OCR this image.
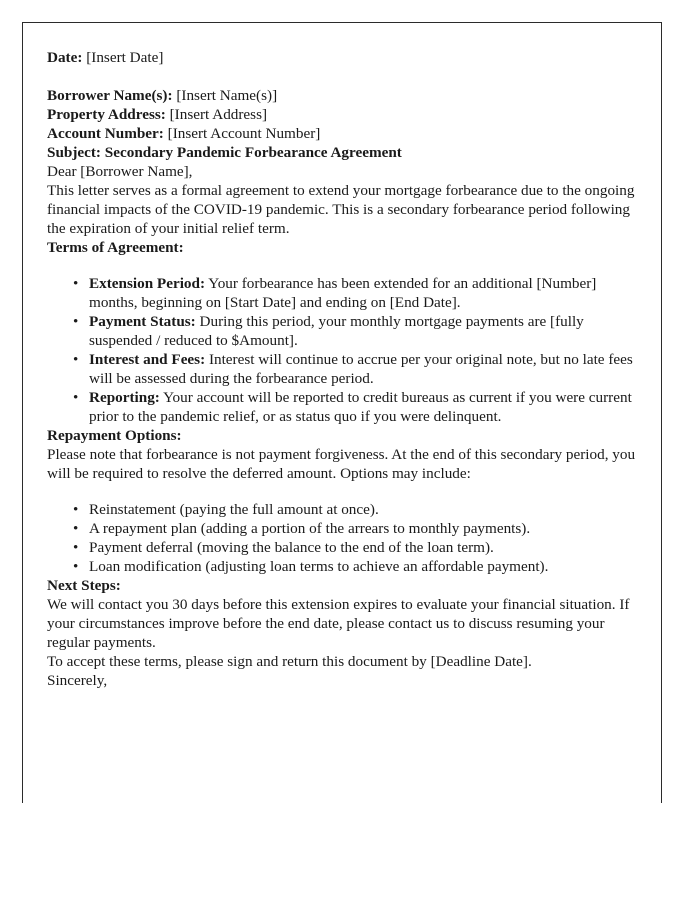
Date: [Insert Date]

Borrower Name(s): [Insert Name(s)]

Property Address: [Insert Address]

Account Number: [Insert Account Number]

Subject: Secondary Pandemic Forbearance Agreement

Dear [Borrower Name],

This letter serves as a formal agreement to extend your mortgage forbearance due to the ongoing financial impacts of the COVID-19 pandemic. This is a secondary forbearance period following the expiration of your initial relief term.

Terms of Agreement:
• Extension Period: Your forbearance has been extended for an additional [Number] months, beginning on [Start Date] and ending on [End Date].
• Payment Status: During this period, your monthly mortgage payments are [fully suspended / reduced to $Amount].
• Interest and Fees: Interest will continue to accrue per your original note, but no late fees will be assessed during the forbearance period.
• Reporting: Your account will be reported to credit bureaus as current if you were current prior to the pandemic relief, or as status quo if you were delinquent.
Repayment Options:

Please note that forbearance is not payment forgiveness. At the end of this secondary period, you will be required to resolve the deferred amount. Options may include:

• Reinstatement (paying the full amount at once).
• A repayment plan (adding a portion of the arrears to monthly payments).
• Payment deferral (moving the balance to the end of the loan term).
• Loan modification (adjusting loan terms to achieve an affordable payment).
Next Steps:

We will contact you 30 days before this extension expires to evaluate your financial situation. If your circumstances improve before the end date, please contact us to discuss resuming your regular payments.

To accept these terms, please sign and return this document by [Deadline Date].

Sincerely,
